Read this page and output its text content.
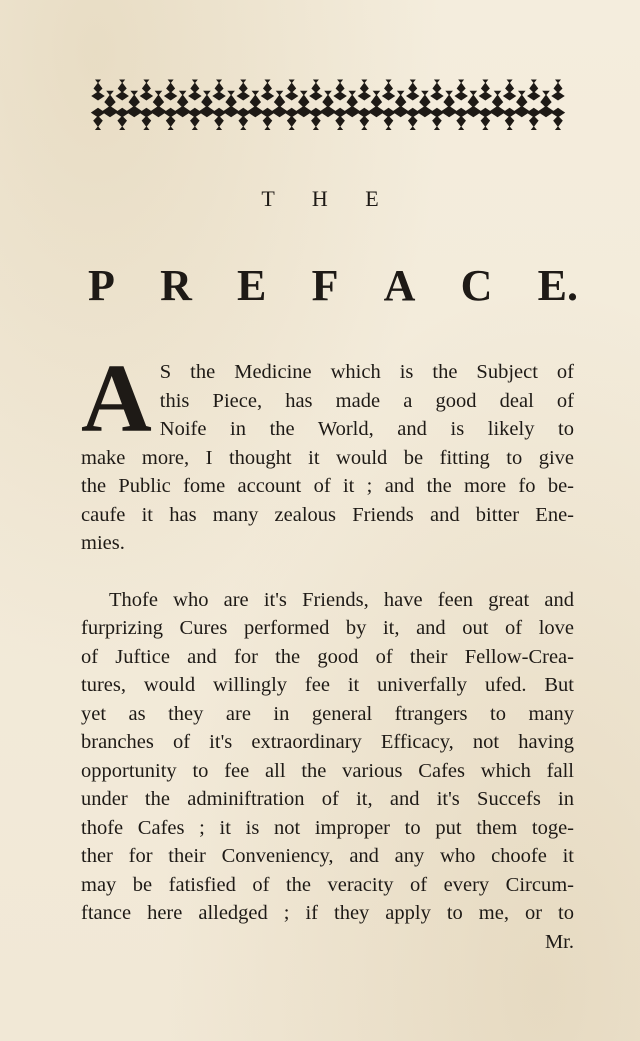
T H E
P R E F A C E.
A S the Medicine which is the Subject of
this Piece, has made a good deal of
Noife in the World, and is likely to
make more, I thought it would be fitting to give
the Public fome account of it ; and the more fo be-
caufe it has many zealous Friends and bitter Ene-
mies.
Thofe who are it's Friends, have feen great and
furprizing Cures performed by it, and out of love
of Juftice and for the good of their Fellow-Crea-
tures, would willingly fee it univerfally ufed. But
yet as they are in general ftrangers to many
branches of it's extraordinary Efficacy, not having
opportunity to fee all the various Cafes which fall
under the adminiftration of it, and it's Succefs in
thofe Cafes ; it is not improper to put them toge-
ther for their Conveniency, and any who choofe it
may be fatisfied of the veracity of every Circum-
ftance here alledged ; if they apply to me, or to
Mr.
